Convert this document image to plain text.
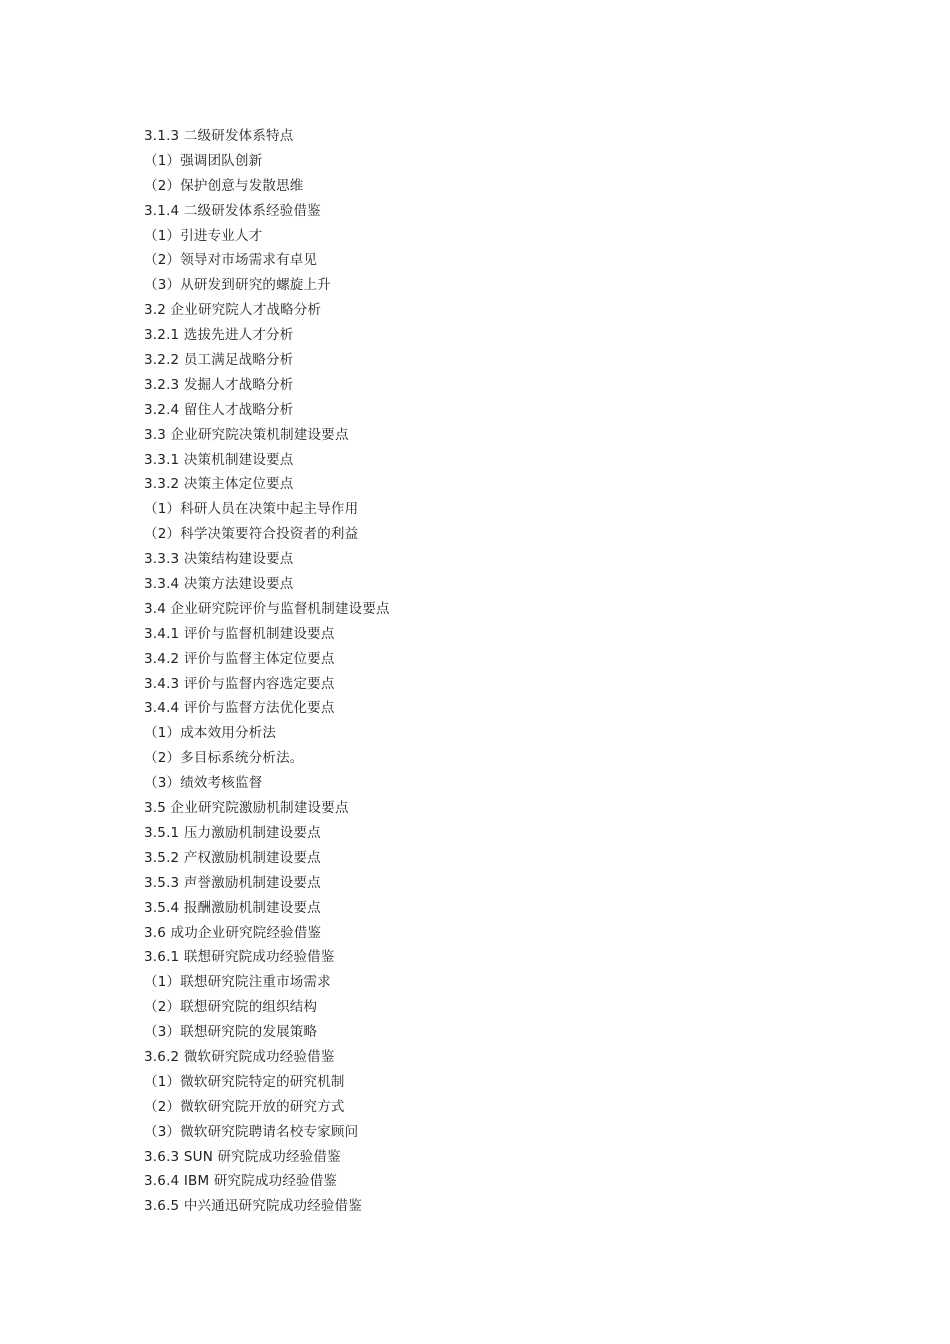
3.1.3 二级研发体系特点
（1）强调团队创新
（2）保护创意与发散思维
3.1.4 二级研发体系经验借鉴
（1）引进专业人才
（2）领导对市场需求有卓见
（3）从研发到研究的螺旋上升
3.2 企业研究院人才战略分析
3.2.1 选拔先进人才分析
3.2.2 员工满足战略分析
3.2.3 发掘人才战略分析
3.2.4 留住人才战略分析
3.3 企业研究院决策机制建设要点
3.3.1 决策机制建设要点
3.3.2 决策主体定位要点
（1）科研人员在决策中起主导作用
（2）科学决策要符合投资者的利益
3.3.3 决策结构建设要点
3.3.4 决策方法建设要点
3.4 企业研究院评价与监督机制建设要点
3.4.1 评价与监督机制建设要点
3.4.2 评价与监督主体定位要点
3.4.3 评价与监督内容选定要点
3.4.4 评价与监督方法优化要点
（1）成本效用分析法
（2）多目标系统分析法。
（3）绩效考核监督
3.5 企业研究院激励机制建设要点
3.5.1 压力激励机制建设要点
3.5.2 产权激励机制建设要点
3.5.3 声誉激励机制建设要点
3.5.4 报酬激励机制建设要点
3.6 成功企业研究院经验借鉴
3.6.1 联想研究院成功经验借鉴
（1）联想研究院注重市场需求
（2）联想研究院的组织结构
（3）联想研究院的发展策略
3.6.2 微软研究院成功经验借鉴
（1）微软研究院特定的研究机制
（2）微软研究院开放的研究方式
（3）微软研究院聘请名校专家顾问
3.6.3 SUN 研究院成功经验借鉴
3.6.4 IBM 研究院成功经验借鉴
3.6.5 中兴通迅研究院成功经验借鉴
